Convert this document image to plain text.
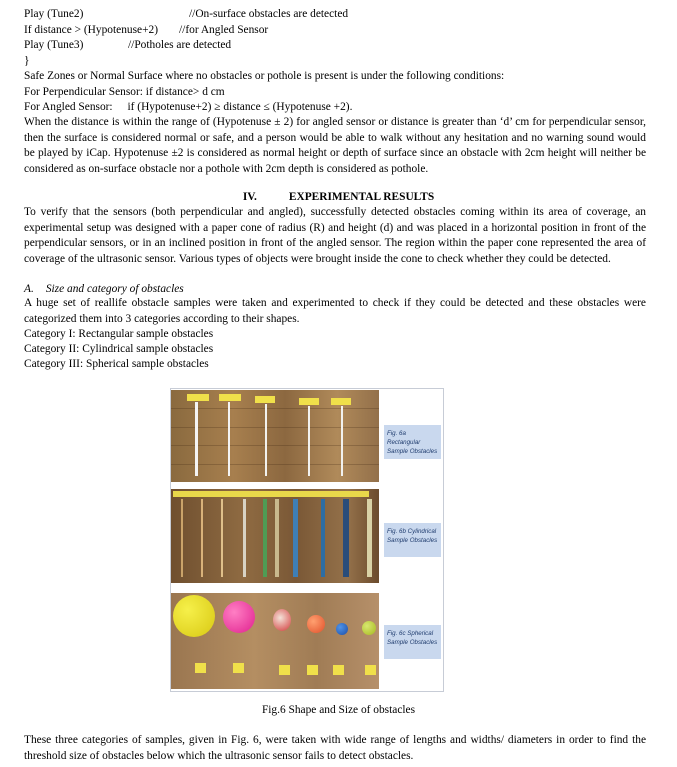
Play (Tune2)	//On-surface obstacles are detected
If distance > (Hypotenuse+2) //for Angled Sensor
Play (Tune3)	//Potholes are detected
}
Safe Zones or Normal Surface where no obstacles or pothole is present is under the following conditions:
For Perpendicular Sensor: if distance> d cm
For Angled Sensor: if (Hypotenuse+2) ≥ distance ≤ (Hypotenuse +2).
When the distance is within the range of (Hypotenuse ± 2) for angled sensor or distance is greater than ‘d’ cm for perpendicular sensor, then the surface is considered normal or safe, and a person would be able to walk without any hesitation and no warning sound would be played by iCap. Hypotenuse ±2 is considered as normal height or depth of surface since an obstacle with 2cm height will neither be considered as on-surface obstacle nor a pothole with 2cm depth is considered as pothole.
IV.	EXPERIMENTAL RESULTS
To verify that the sensors (both perpendicular and angled), successfully detected obstacles coming within its area of coverage, an experimental setup was designed with a paper cone of radius (R) and height (d) and was placed in a horizontal position in front of the perpendicular sensors, or in an inclined position in front of the angled sensor. The region within the paper cone represented the area of coverage of the ultrasonic sensor. Various types of objects were brought inside the cone to check whether they could be detected.
A. Size and category of obstacles
A huge set of reallife obstacle samples were taken and experimented to check if they could be detected and these obstacles were categorized them into 3 categories according to their shapes.
Category I: Rectangular sample obstacles
Category II: Cylindrical sample obstacles
Category III: Spherical sample obstacles
Fig. 6a Rectangular Sample Obstacles
Fig. 6b Cylindrical Sample Obstacles
Fig. 6c Spherical Sample Obstacles
Fig.6 Shape and Size of obstacles
These three categories of samples, given in Fig. 6, were taken with wide range of lengths and widths/ diameters in order to find the threshold size of obstacles below which the ultrasonic sensor fails to detect obstacles.
